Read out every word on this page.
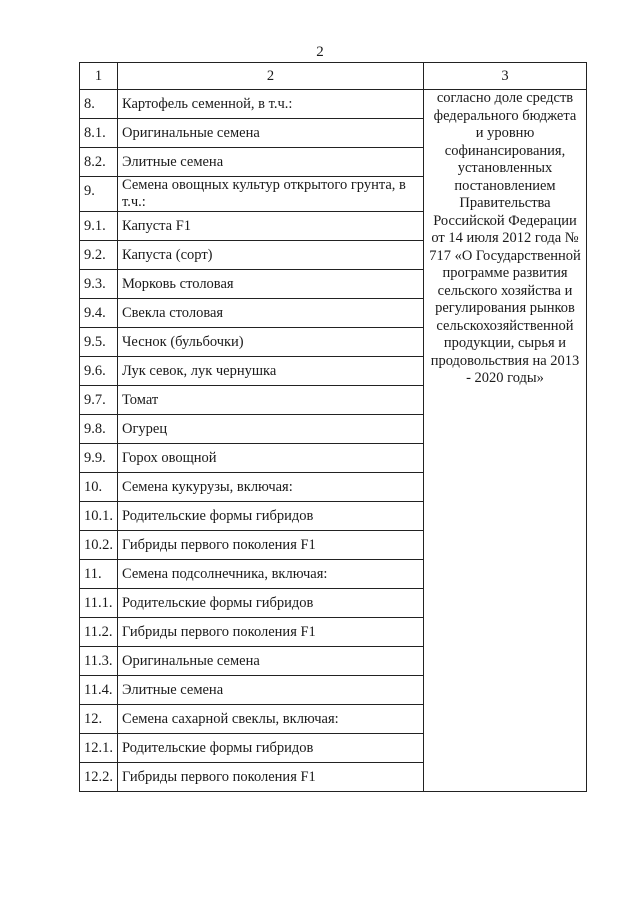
2
1	2	3
8.	Картофель семенной, в т.ч.:	согласно доле средств федерального бюджета и уровню софинансирования, установленных постановлением Правительства Российской Федерации от 14 июля 2012 года № 717 «О Государственной программе развития сельского хозяйства и регулирования рынков сельскохозяйственной продукции, сырья и продовольствия на 2013 - 2020 годы»
8.1.	Оригинальные семена	
8.2.	Элитные семена	
9.	Семена овощных культур открытого грунта, в т.ч.:	
9.1.	Капуста F1	
9.2.	Капуста (сорт)	
9.3.	Морковь столовая	
9.4.	Свекла столовая	
9.5.	Чеснок (бульбочки)	
9.6.	Лук севок, лук чернушка	
9.7.	Томат	
9.8.	Огурец	
9.9.	Горох овощной	
10.	Семена кукурузы, включая:	
10.1.	Родительские формы гибридов	
10.2.	Гибриды первого поколения F1	
11.	Семена подсолнечника, включая:	
11.1.	Родительские формы гибридов	
11.2.	Гибриды первого поколения F1	
11.3.	Оригинальные семена	
11.4.	Элитные семена	
12.	Семена сахарной свеклы, включая:	
12.1.	Родительские формы гибридов	
12.2.	Гибриды первого поколения F1	
